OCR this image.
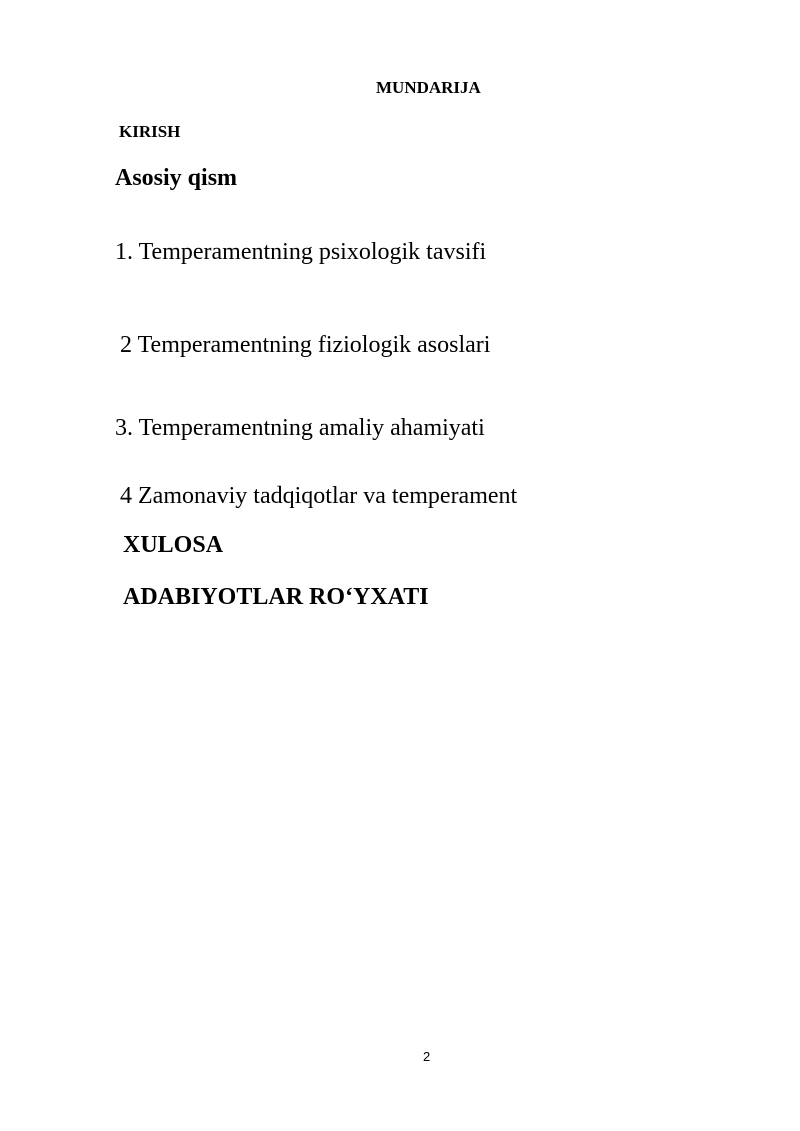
MUNDARIJA
KIRISH
Asosiy qism
1. Temperamentning psixologik tavsifi
2 Temperamentning fiziologik asoslari
3. Temperamentning amaliy ahamiyati
4 Zamonaviy tadqiqotlar va temperament
XULOSA
ADABIYOTLAR RO‘YXATI
2
